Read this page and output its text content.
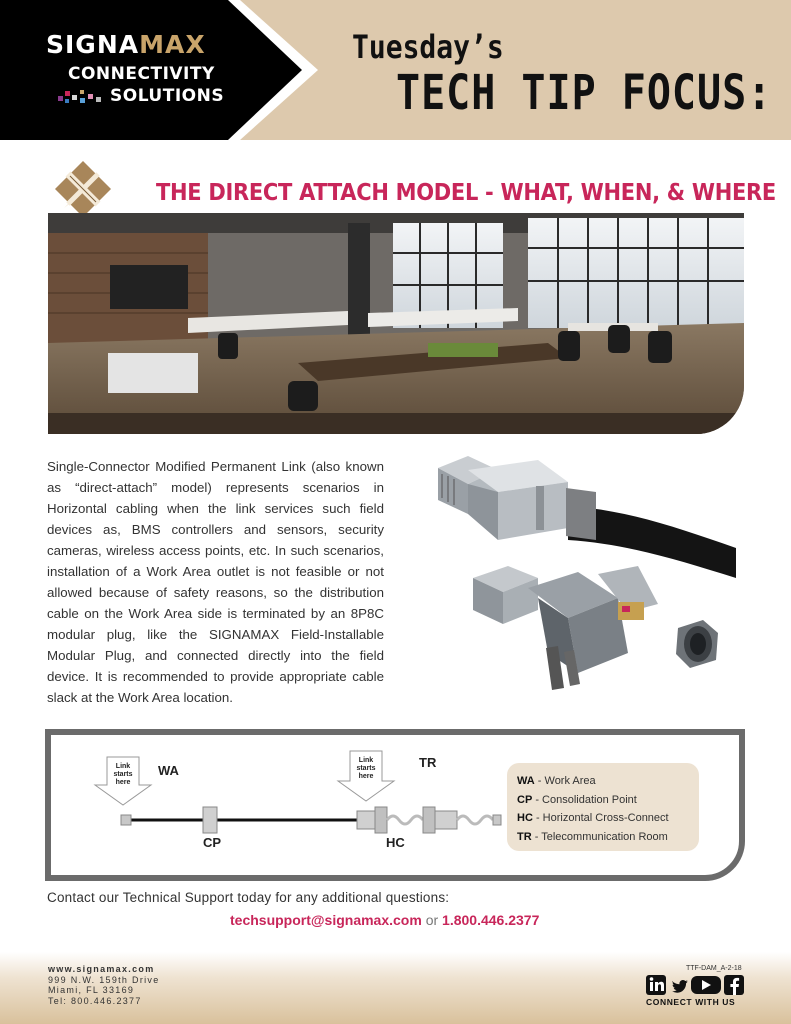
SIGNAMAX
CONNECTIVITY
SOLUTIONS
Tuesday’s
TECH TIP FOCUS:
THE DIRECT ATTACH MODEL - WHAT, WHEN, & WHERE
Single-Connector Modified Permanent Link (also known as “direct-attach” model) represents scenarios in Horizontal cabling when the link services such field devices as, BMS controllers and sensors, security cameras, wireless access points, etc. In such scenarios, installation of a Work Area outlet is not feasible or not allowed because of safety reasons, so the distribution cable on the Work Area side is terminated by an 8P8C modular plug, like the SIGNAMAX Field-Installable Modular Plug, and connected directly into the field device. It is recommended to provide appropriate cable slack at the Work Area location.
Link starts here
Link starts here
WA
TR
CP	HC
WA - Work Area
CP - Consolidation Point
HC - Horizontal Cross-Connect
TR - Telecommunication Room
Contact our Technical Support today for any additional questions:
techsupport@signamax.com or 1.800.446.2377
www.signamax.com
999 N.W. 159th Drive
Miami, FL 33169
Tel: 800.446.2377
TTF-DAM_A-2-18
CONNECT WITH US
